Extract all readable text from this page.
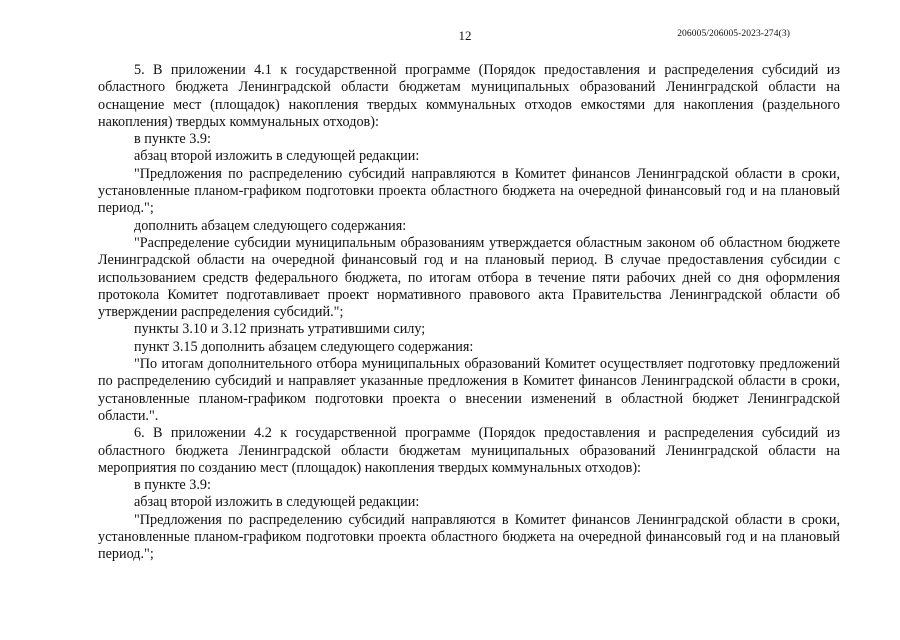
12	206005/206005-2023-274(3)

5. В приложении 4.1 к государственной программе (Порядок предоставления и распределения субсидий из областного бюджета Ленинградской области бюджетам муниципальных образований Ленинградской области на оснащение мест (площадок) накопления твердых коммунальных отходов емкостями для накопления (раздельного накопления) твердых коммунальных отходов):

в пункте 3.9:

абзац второй изложить в следующей редакции:

"Предложения по распределению субсидий направляются в Комитет финансов Ленинградской области в сроки, установленные планом-графиком подготовки проекта областного бюджета на очередной финансовый год и на плановый период.";

дополнить абзацем следующего содержания:

"Распределение субсидии муниципальным образованиям утверждается областным законом об областном бюджете Ленинградской области на очередной финансовый год и на плановый период. В случае предоставления субсидии с использованием средств федерального бюджета, по итогам отбора в течение пяти рабочих дней со дня оформления протокола Комитет подготавливает проект нормативного правового акта Правительства Ленинградской области об утверждении распределения субсидий.";

пункты 3.10 и 3.12 признать утратившими силу;

пункт 3.15 дополнить абзацем следующего содержания:

"По итогам дополнительного отбора муниципальных образований Комитет осуществляет подготовку предложений по распределению субсидий и направляет указанные предложения в Комитет финансов Ленинградской области в сроки, установленные планом-графиком подготовки проекта о внесении изменений в областной бюджет Ленинградской области.".

6. В приложении 4.2 к государственной программе (Порядок предоставления и распределения субсидий из областного бюджета Ленинградской области бюджетам муниципальных образований Ленинградской области на мероприятия по созданию мест (площадок) накопления твердых коммунальных отходов):

в пункте 3.9:

абзац второй изложить в следующей редакции:

"Предложения по распределению субсидий направляются в Комитет финансов Ленинградской области в сроки, установленные планом-графиком подготовки проекта областного бюджета на очередной финансовый год и на плановый период.";
